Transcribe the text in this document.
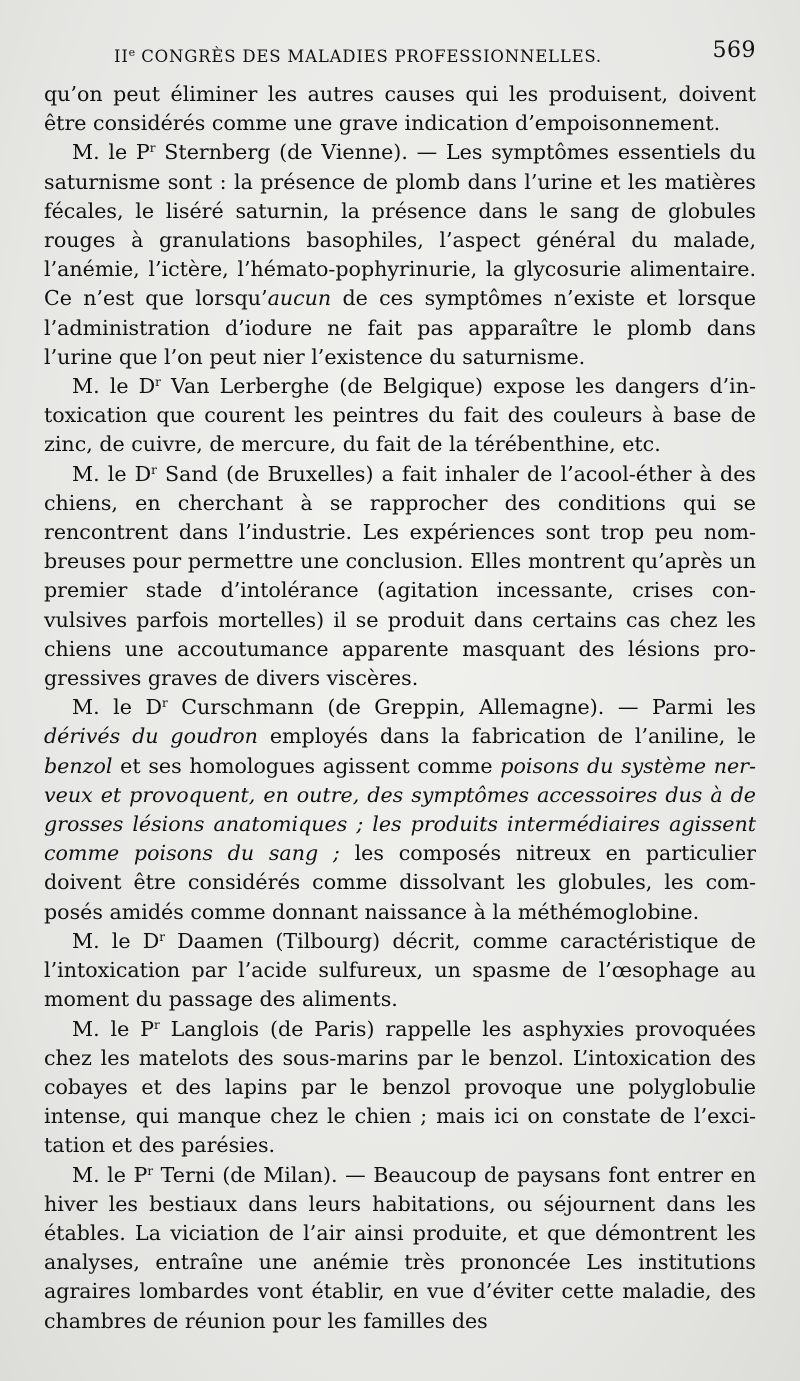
IIe CONGRÈS DES MALADIES PROFESSIONNELLES.	569

qu’on peut éliminer les autres causes qui les produisent, doivent être considérés comme une grave indication d’empoisonnement.

M. le $P^r$ Sternberg (de Vienne). — Les symptômes essentiels du saturnisme sont : la présence de plomb dans l’urine et les matières fécales, le liséré saturnin, la présence dans le sang de globules rouges à granulations basophiles, l’aspect général du malade, l’anémie, l’ictère, l’hémato-pophyrinurie, la glycosurie alimentaire. Ce n’est que lorsqu’aucun de ces symptômes n’existe et lorsque l’administration d’iodure ne fait pas apparaître le plomb dans l’urine que l’on peut nier l’existence du saturnisme.

M. le $D^r$ Van Lerberghe (de Belgique) expose les dangers d’in-toxication que courent les peintres du fait des couleurs à base de zinc, de cuivre, de mercure, du fait de la térébenthine, etc.

M. le $D^r$ Sand (de Bruxelles) a fait inhaler de l’acool-éther à des chiens, en cherchant à se rapprocher des conditions qui se rencontrent dans l’industrie. Les expériences sont trop peu nom-breuses pour permettre une conclusion. Elles montrent qu’après un premier stade d’intolérance (agitation incessante, crises con-vulsives parfois mortelles) il se produit dans certains cas chez les chiens une accoutumance apparente masquant des lésions pro-gressives graves de divers viscères.

M. le $D^r$ Curschmann (de Greppin, Allemagne). — Parmi les dérivés du goudron employés dans la fabrication de l’aniline, le benzol et ses homologues agissent comme poisons du système ner-veux et provoquent, en outre, des symptômes accessoires dus à de grosses lésions anatomiques ; les produits intermédiaires agissent comme poisons du sang ; les composés nitreux en particulier doivent être considérés comme dissolvant les globules, les com-posés amidés comme donnant naissance à la méthémoglobine.

M. le $D^r$ Daamen (Tilbourg) décrit, comme caractéristique de l’intoxication par l’acide sulfureux, un spasme de l’œsophage au moment du passage des aliments.

M. le $P^r$ Langlois (de Paris) rappelle les asphyxies provoquées chez les matelots des sous-marins par le benzol. L’intoxication des cobayes et des lapins par le benzol provoque une polyglobulie intense, qui manque chez le chien ; mais ici on constate de l’exci-tation et des parésies.

M. le $P^r$ Terni (de Milan). — Beaucoup de paysans font entrer en hiver les bestiaux dans leurs habitations, ou séjournent dans les étables. La viciation de l’air ainsi produite, et que démontrent les analyses, entraîne une anémie très prononcée Les institutions agraires lombardes vont établir, en vue d’éviter cette maladie, des chambres de réunion pour les familles des
